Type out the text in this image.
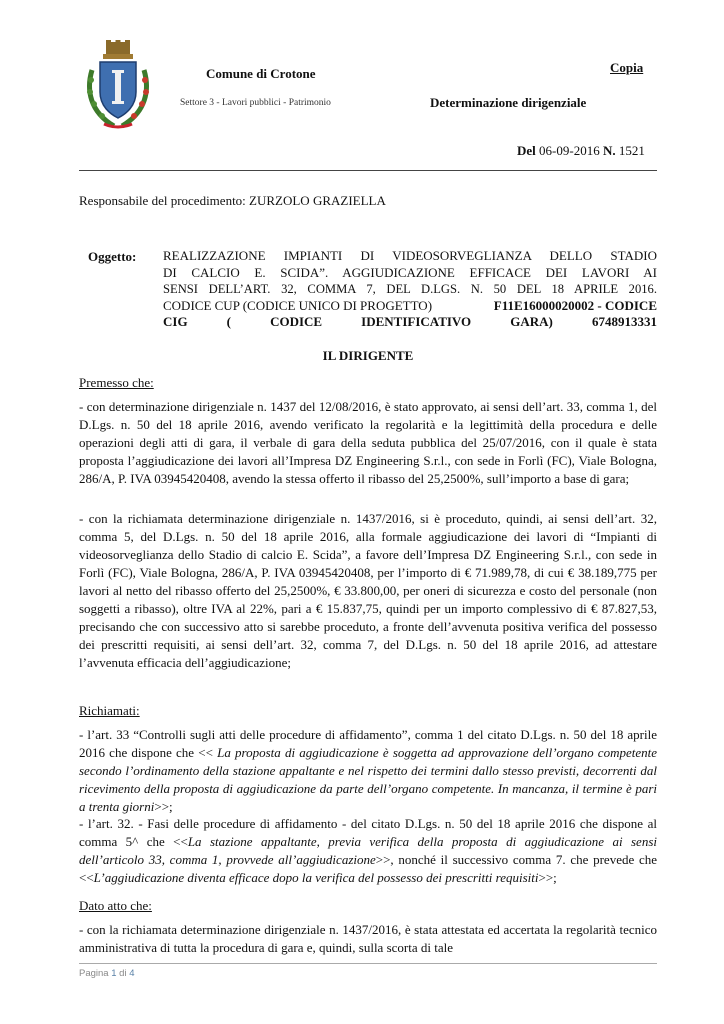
Comune di Crotone
Settore 3 - Lavori pubblici - Patrimonio
Copia
Determinazione dirigenziale
Del 06-09-2016 N. 1521
Responsabile del procedimento: ZURZOLO GRAZIELLA
Oggetto: REALIZZAZIONE IMPIANTI DI VIDEOSORVEGLIANZA DELLO STADIO
DI CALCIO E. SCIDA”. AGGIUDICAZIONE EFFICACE DEI LAVORI AI
SENSI DELL’ART. 32, COMMA 7, DEL D.LGS. N. 50 DEL 18 APRILE 2016.
CODICE CUP (CODICE UNICO DI PROGETTO)	F11E16000020002 - CODICE
CIG	(	CODICE	IDENTIFICATIVO	GARA)	6748913331
IL DIRIGENTE
Premesso che:
- con determinazione dirigenziale n. 1437 del 12/08/2016, è stato approvato, ai sensi dell’art. 33, comma 1, del D.Lgs. n. 50 del 18 aprile 2016, avendo verificato la regolarità e la legittimità della procedura e delle operazioni degli atti di gara, il verbale di gara della seduta pubblica del 25/07/2016, con il quale è stata proposta l’aggiudicazione dei lavori all’Impresa DZ Engineering S.r.l., con sede in Forlì (FC), Viale Bologna, 286/A, P. IVA 03945420408, avendo la stessa offerto il ribasso del 25,2500%, sull’importo a base di gara;
- con la richiamata determinazione dirigenziale n. 1437/2016, si è proceduto, quindi, ai sensi dell’art. 32, comma 5, del D.Lgs. n. 50 del 18 aprile 2016, alla formale aggiudicazione dei lavori di “Impianti di videosorveglianza dello Stadio di calcio E. Scida”, a favore dell’Impresa DZ Engineering S.r.l., con sede in Forlì (FC), Viale Bologna, 286/A, P. IVA 03945420408, per l’importo di € 71.989,78, di cui € 38.189,775 per lavori al netto del ribasso offerto del 25,2500%, € 33.800,00, per oneri di sicurezza e costo del personale (non soggetti a ribasso), oltre IVA al 22%, pari a € 15.837,75, quindi per un importo complessivo di € 87.827,53, precisando che con successivo atto si sarebbe proceduto, a fronte dell’avvenuta positiva verifica del possesso dei prescritti requisiti, ai sensi dell’art. 32, comma 7, del D.Lgs. n. 50 del 18 aprile 2016, ad attestare l’avvenuta efficacia dell’aggiudicazione;
Richiamati:
- l’art. 33 “Controlli sugli atti delle procedure di affidamento”, comma 1 del citato D.Lgs. n. 50 del 18 aprile 2016 che dispone che << La proposta di aggiudicazione è soggetta ad approvazione dell’organo competente secondo l’ordinamento della stazione appaltante e nel rispetto dei termini dallo stesso previsti, decorrenti dal ricevimento della proposta di aggiudicazione da parte dell’organo competente. In mancanza, il termine è pari a trenta giorni>>;
- l’art. 32. - Fasi delle procedure di affidamento - del citato D.Lgs. n. 50 del 18 aprile 2016 che dispone al comma 5^ che <<La stazione appaltante, previa verifica della proposta di aggiudicazione ai sensi dell’articolo 33, comma 1, provvede all’aggiudicazione>>, nonché il successivo comma 7. che prevede che <<L’aggiudicazione diventa efficace dopo la verifica del possesso dei prescritti requisiti>>;
Dato atto che:
- con la richiamata determinazione dirigenziale n. 1437/2016, è stata attestata ed accertata la regolarità tecnico amministrativa di tutta la procedura di gara e, quindi, sulla scorta di tale
Pagina 1 di 4
